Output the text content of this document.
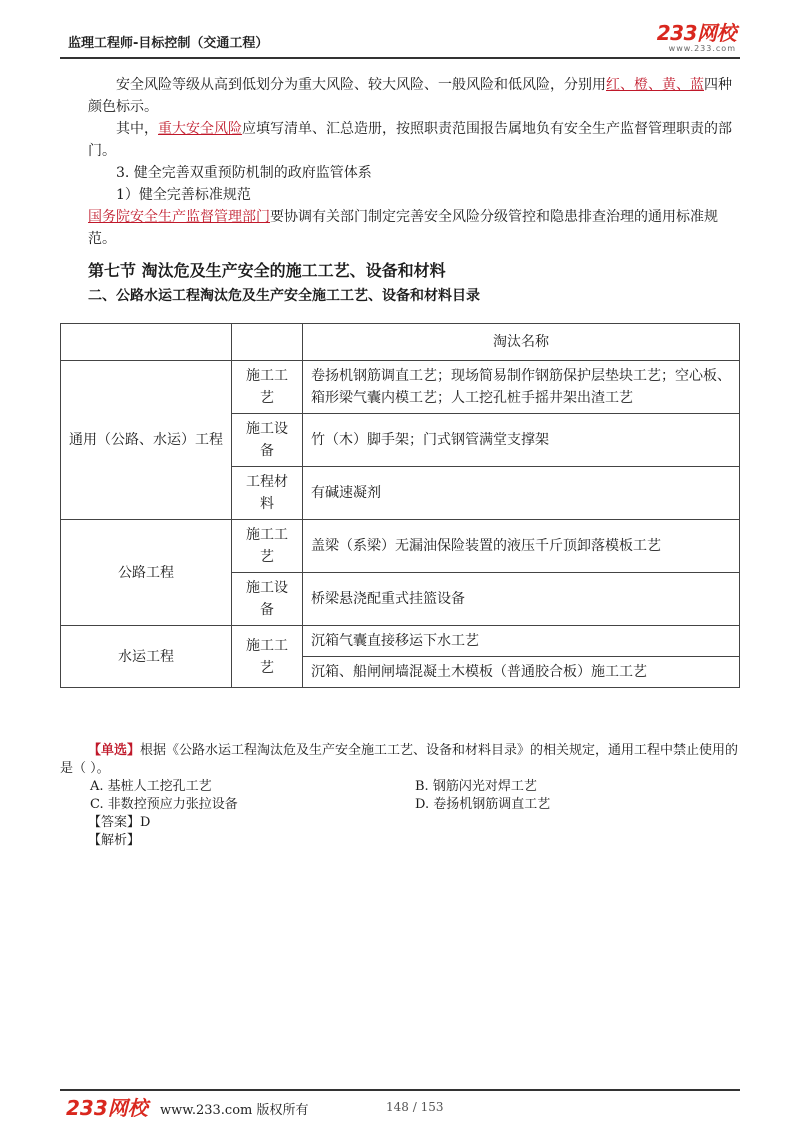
监理工程师-目标控制（交通工程）	233网校
www.233.com

安全风险等级从高到低划分为重大风险、较大风险、一般风险和低风险，分别用红、橙、黄、蓝四种颜色标示。

其中，重大安全风险应填写清单、汇总造册，按照职责范围报告属地负有安全生产监督管理职责的部门。

3. 健全完善双重预防机制的政府监管体系

1）健全完善标准规范

国务院安全生产监督管理部门要协调有关部门制定完善安全风险分级管控和隐患排查治理的通用标准规范。

第七节 淘汰危及生产安全的施工工艺、设备和材料
二、公路水运工程淘汰危及生产安全施工工艺、设备和材料目录
		淘汰名称
通用（公路、水运）工程	施工工艺	卷扬机钢筋调直工艺；现场简易制作钢筋保护层垫块工艺；空心板、箱形梁气囊内模工艺；人工挖孔桩手摇井架出渣工艺
	施工设备	竹（木）脚手架；门式钢管满堂支撑架
	工程材料	有碱速凝剂
公路工程	施工工艺	盖梁（系梁）无漏油保险装置的液压千斤顶卸落模板工艺
	施工设备	桥梁悬浇配重式挂篮设备
水运工程	施工工艺	沉箱气囊直接移运下水工艺
		沉箱、船闸闸墙混凝土木模板（普通胶合板）施工工艺
【单选】根据《公路水运工程淘汰危及生产安全施工工艺、设备和材料目录》的相关规定，通用工程中禁止使用的是（ ）。
A. 基桩人工挖孔工艺	B. 钢筋闪光对焊工艺
C. 非数控预应力张拉设备	D. 卷扬机钢筋调直工艺
【答案】D
【解析】
233网校 www.233.com 版权所有	148 / 153
